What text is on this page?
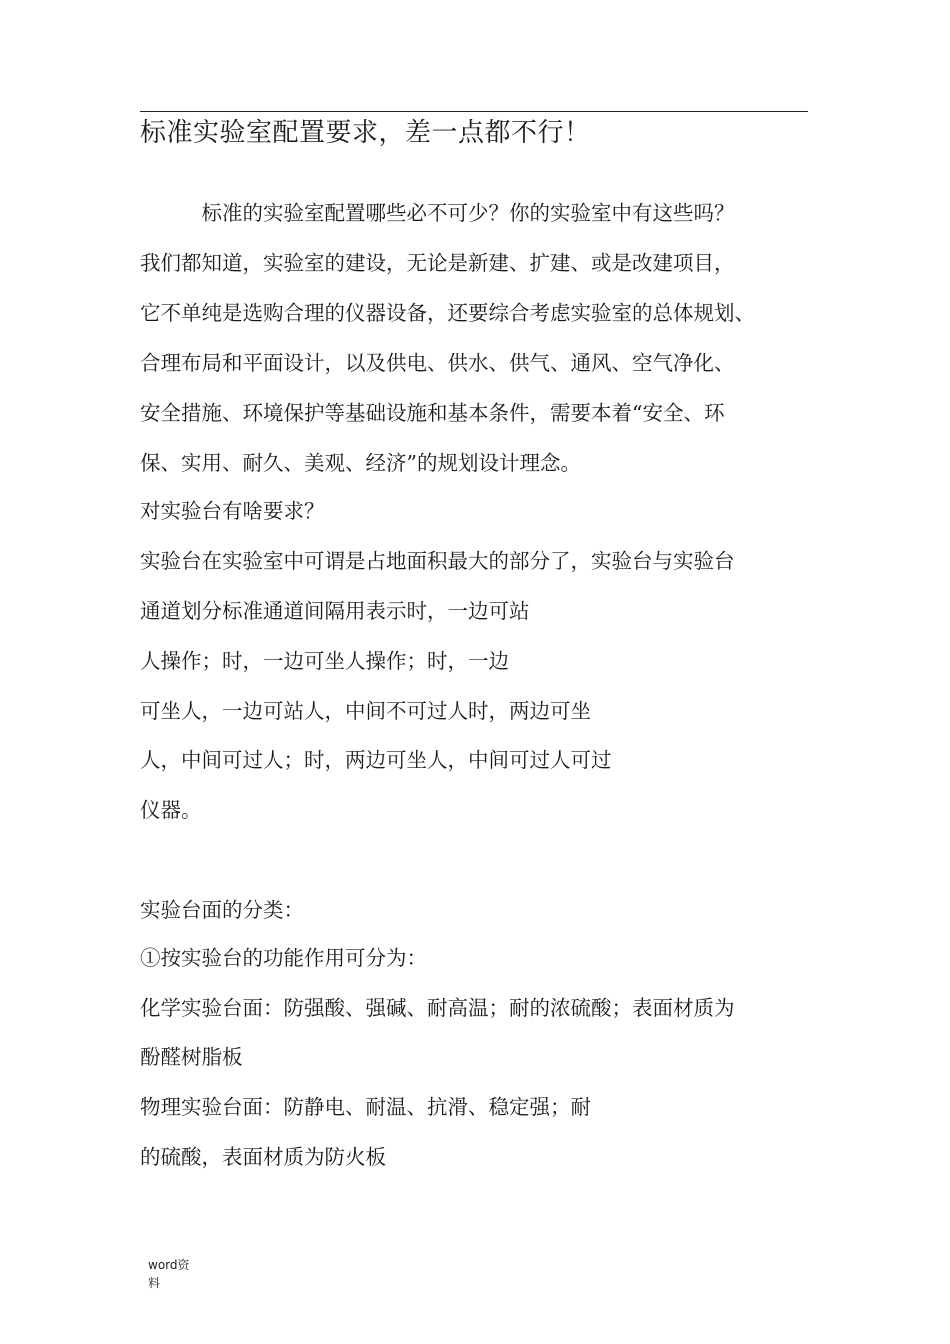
标准实验室配置要求，差一点都不行！
　　　标准的实验室配置哪些必不可少？你的实验室中有这些吗？
我们都知道，实验室的建设，无论是新建、扩建、或是改建项目，
它不单纯是选购合理的仪器设备，还要综合考虑实验室的总体规划、
合理布局和平面设计，以及供电、供水、供气、通风、空气净化、
安全措施、环境保护等基础设施和基本条件，需要本着“安全、环
保、实用、耐久、美观、经济”的规划设计理念。
对实验台有啥要求？
实验台在实验室中可谓是占地面积最大的部分了，实验台与实验台
通道划分标准通道间隔用表示时，一边可站
人操作；时，一边可坐人操作；时，一边
可坐人，一边可站人，中间不可过人时，两边可坐
人，中间可过人；时，两边可坐人，中间可过人可过
仪器。
实验台面的分类：
①按实验台的功能作用可分为：
化学实验台面：防强酸、强碱、耐高温；耐的浓硫酸；表面材质为
酚醛树脂板
物理实验台面：防静电、耐温、抗滑、稳定强；耐
的硫酸，表面材质为防火板
word资
料
